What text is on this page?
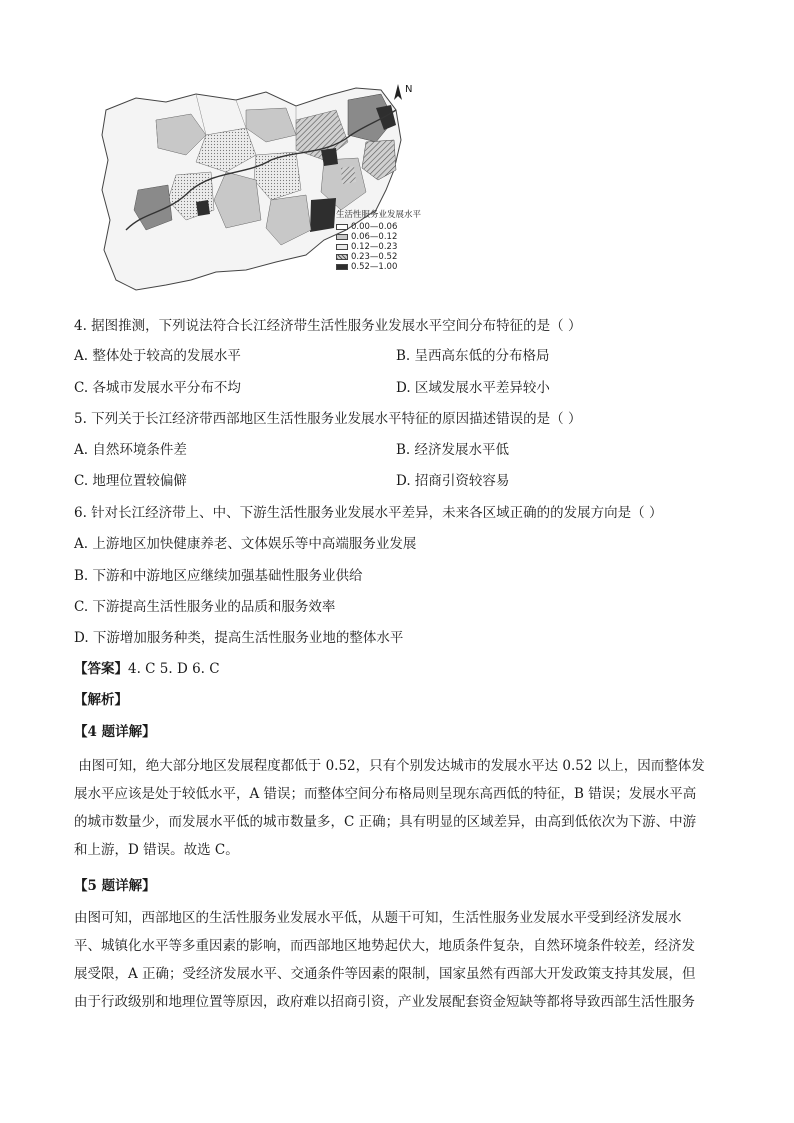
N
生活性服务业发展水平
0.00—0.06
0.06—0.12
0.12—0.23
0.23—0.52
0.52—1.00
4. 据图推测，下列说法符合长江经济带生活性服务业发展水平空间分布特征的是（ ）
A. 整体处于较高的发展水平	B. 呈西高东低的分布格局
C. 各城市发展水平分布不均	D. 区域发展水平差异较小
5. 下列关于长江经济带西部地区生活性服务业发展水平特征的原因描述错误的是（ ）
A. 自然环境条件差	B. 经济发展水平低
C. 地理位置较偏僻	D. 招商引资较容易
6. 针对长江经济带上、中、下游生活性服务业发展水平差异，未来各区域正确的的发展方向是（ ）
A. 上游地区加快健康养老、文体娱乐等中高端服务业发展
B. 下游和中游地区应继续加强基础性服务业供给
C. 下游提高生活性服务业的品质和服务效率
D. 下游增加服务种类，提高生活性服务业地的整体水平
【答案】4. C 5. D 6. C
【解析】
【4 题详解】
由图可知，绝大部分地区发展程度都低于 0.52，只有个别发达城市的发展水平达 0.52 以上，因而整体发
展水平应该是处于较低水平，A 错误；而整体空间分布格局则呈现东高西低的特征，B 错误；发展水平高
的城市数量少，而发展水平低的城市数量多，C 正确；具有明显的区域差异，由高到低依次为下游、中游
和上游，D 错误。故选 C。
【5 题详解】
由图可知，西部地区的生活性服务业发展水平低，从题干可知，生活性服务业发展水平受到经济发展水
平、城镇化水平等多重因素的影响，而西部地区地势起伏大，地质条件复杂，自然环境条件较差，经济发
展受限，A 正确；受经济发展水平、交通条件等因素的限制，国家虽然有西部大开发政策支持其发展，但
由于行政级别和地理位置等原因，政府难以招商引资，产业发展配套资金短缺等都将导致西部生活性服务
